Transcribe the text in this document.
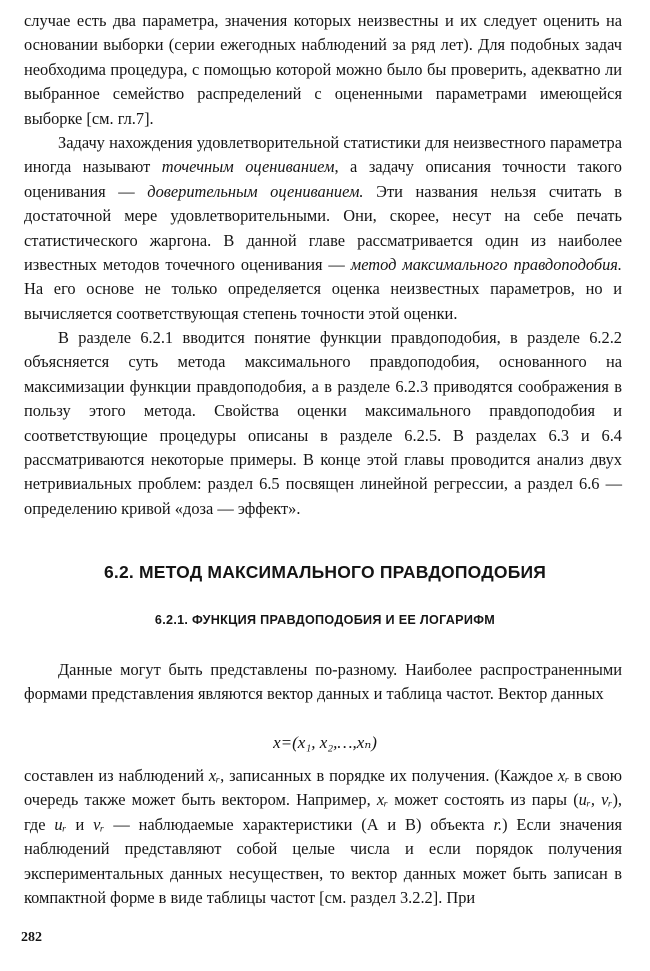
случае есть два параметра, значения которых неизвестны и их следует оценить на основании выборки (серии ежегодных наблюдений за ряд лет). Для подобных задач необходима процедура, с помощью которой можно было бы проверить, адекватно ли выбранное семейство распределений с оцененными параметрами имеющейся выборке [см. гл.7].

Задачу нахождения удовлетворительной статистики для неизвестного параметра иногда называют точечным оцениванием, а задачу описания точности такого оценивания — доверительным оцениванием. Эти названия нельзя считать в достаточной мере удовлетворительными. Они, скорее, несут на себе печать статистического жаргона. В данной главе рассматривается один из наиболее известных методов точечного оценивания — метод максимального правдоподобия. На его основе не только определяется оценка неизвестных параметров, но и вычисляется соответствующая степень точности этой оценки.

В разделе 6.2.1 вводится понятие функции правдоподобия, в разделе 6.2.2 объясняется суть метода максимального правдоподобия, основанного на максимизации функции правдоподобия, а в разделе 6.2.3 приводятся соображения в пользу этого метода. Свойства оценки максимального правдоподобия и соответствующие процедуры описаны в разделе 6.2.5. В разделах 6.3 и 6.4 рассматриваются некоторые примеры. В конце этой главы проводится анализ двух нетривиальных проблем: раздел 6.5 посвящен линейной регрессии, а раздел 6.6 — определению кривой «доза — эффект».

6.2. МЕТОД МАКСИМАЛЬНОГО ПРАВДОПОДОБИЯ
6.2.1. ФУНКЦИЯ ПРАВДОПОДОБИЯ И ЕЕ ЛОГАРИФМ

Данные могут быть представлены по-разному. Наиболее распространенными формами представления являются вектор данных и таблица частот. Вектор данных

x=(x₁, x₂,…,xₙ)

составлен из наблюдений xᵣ, записанных в порядке их получения. (Каждое xᵣ в свою очередь также может быть вектором. Например, xᵣ может состоять из пары (uᵣ, vᵣ), где uᵣ и vᵣ — наблюдаемые характеристики (А и В) объекта r.) Если значения наблюдений представляют собой целые числа и если порядок получения экспериментальных данных несуществен, то вектор данных может быть записан в компактной форме в виде таблицы частот [см. раздел 3.2.2]. При

282
